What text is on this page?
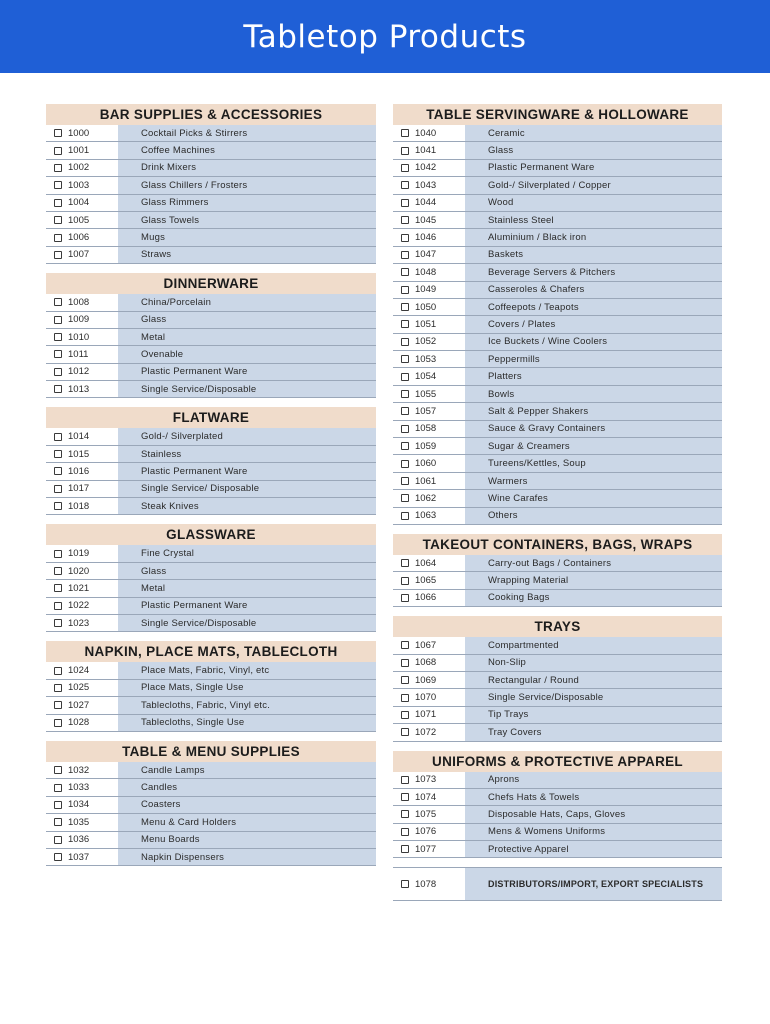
Tabletop Products
BAR SUPPLIES & ACCESSORIES
1000	Cocktail Picks & Stirrers
1001	Coffee Machines
1002	Drink Mixers
1003	Glass Chillers / Frosters
1004	Glass Rimmers
1005	Glass Towels
1006	Mugs
1007	Straws
DINNERWARE
1008	China/Porcelain
1009	Glass
1010	Metal
1011	Ovenable
1012	Plastic Permanent Ware
1013	Single Service/Disposable
FLATWARE
1014	Gold-/ Silverplated
1015	Stainless
1016	Plastic Permanent Ware
1017	Single Service/ Disposable
1018	Steak Knives
GLASSWARE
1019	Fine Crystal
1020	Glass
1021	Metal
1022	Plastic Permanent Ware
1023	Single Service/Disposable
NAPKIN, PLACE MATS, TABLECLOTH
1024	Place Mats, Fabric, Vinyl, etc
1025	Place Mats, Single Use
1027	Tablecloths, Fabric, Vinyl etc.
1028	Tablecloths, Single Use
TABLE & MENU SUPPLIES
1032	Candle Lamps
1033	Candles
1034	Coasters
1035	Menu & Card Holders
1036	Menu Boards
1037	Napkin Dispensers
TABLE SERVINGWARE & HOLLOWARE
1040	Ceramic
1041	Glass
1042	Plastic Permanent Ware
1043	Gold-/ Silverplated / Copper
1044	Wood
1045	Stainless Steel
1046	Aluminium / Black iron
1047	Baskets
1048	Beverage Servers & Pitchers
1049	Casseroles & Chafers
1050	Coffeepots / Teapots
1051	Covers / Plates
1052	Ice Buckets / Wine Coolers
1053	Peppermills
1054	Platters
1055	Bowls
1057	Salt & Pepper Shakers
1058	Sauce & Gravy Containers
1059	Sugar & Creamers
1060	Tureens/Kettles, Soup
1061	Warmers
1062	Wine Carafes
1063	Others
TAKEOUT CONTAINERS, BAGS, WRAPS
1064	Carry-out Bags / Containers
1065	Wrapping Material
1066	Cooking Bags
TRAYS
1067	Compartmented
1068	Non-Slip
1069	Rectangular / Round
1070	Single Service/Disposable
1071	Tip Trays
1072	Tray Covers
UNIFORMS & PROTECTIVE APPAREL
1073	Aprons
1074	Chefs Hats & Towels
1075	Disposable Hats, Caps, Gloves
1076	Mens & Womens Uniforms
1077	Protective Apparel
1078	DISTRIBUTORS/IMPORT, EXPORT SPECIALISTS
